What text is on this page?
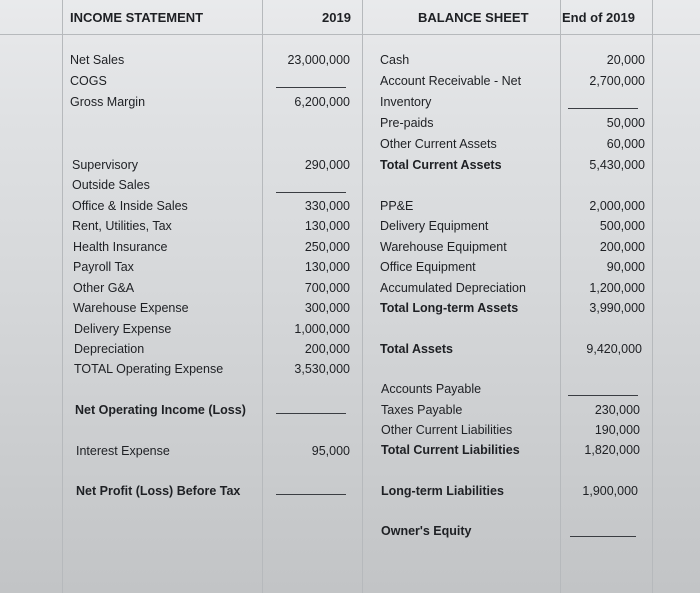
INCOME STATEMENT	2019	BALANCE SHEET	End of 2019
Net Sales	23,000,000
COGS
Gross Margin	6,200,000
Supervisory	290,000
Outside Sales
Office & Inside Sales	330,000
Rent, Utilities, Tax	130,000
Health Insurance	250,000
Payroll Tax	130,000
Other G&A	700,000
Warehouse Expense	300,000
Delivery Expense	1,000,000
Depreciation	200,000
TOTAL Operating Expense	3,530,000
Net Operating Income (Loss)
Interest Expense	95,000
Net Profit (Loss) Before Tax
Cash	20,000
Account Receivable - Net	2,700,000
Inventory
Pre-paids	50,000
Other Current Assets	60,000
Total Current Assets	5,430,000
PP&E	2,000,000
Delivery Equipment	500,000
Warehouse Equipment	200,000
Office Equipment	90,000
Accumulated Depreciation	1,200,000
Total Long-term Assets	3,990,000
Total Assets	9,420,000
Accounts Payable
Taxes Payable	230,000
Other Current Liabilities	190,000
Total Current Liabilities	1,820,000
Long-term Liabilities	1,900,000
Owner's Equity
